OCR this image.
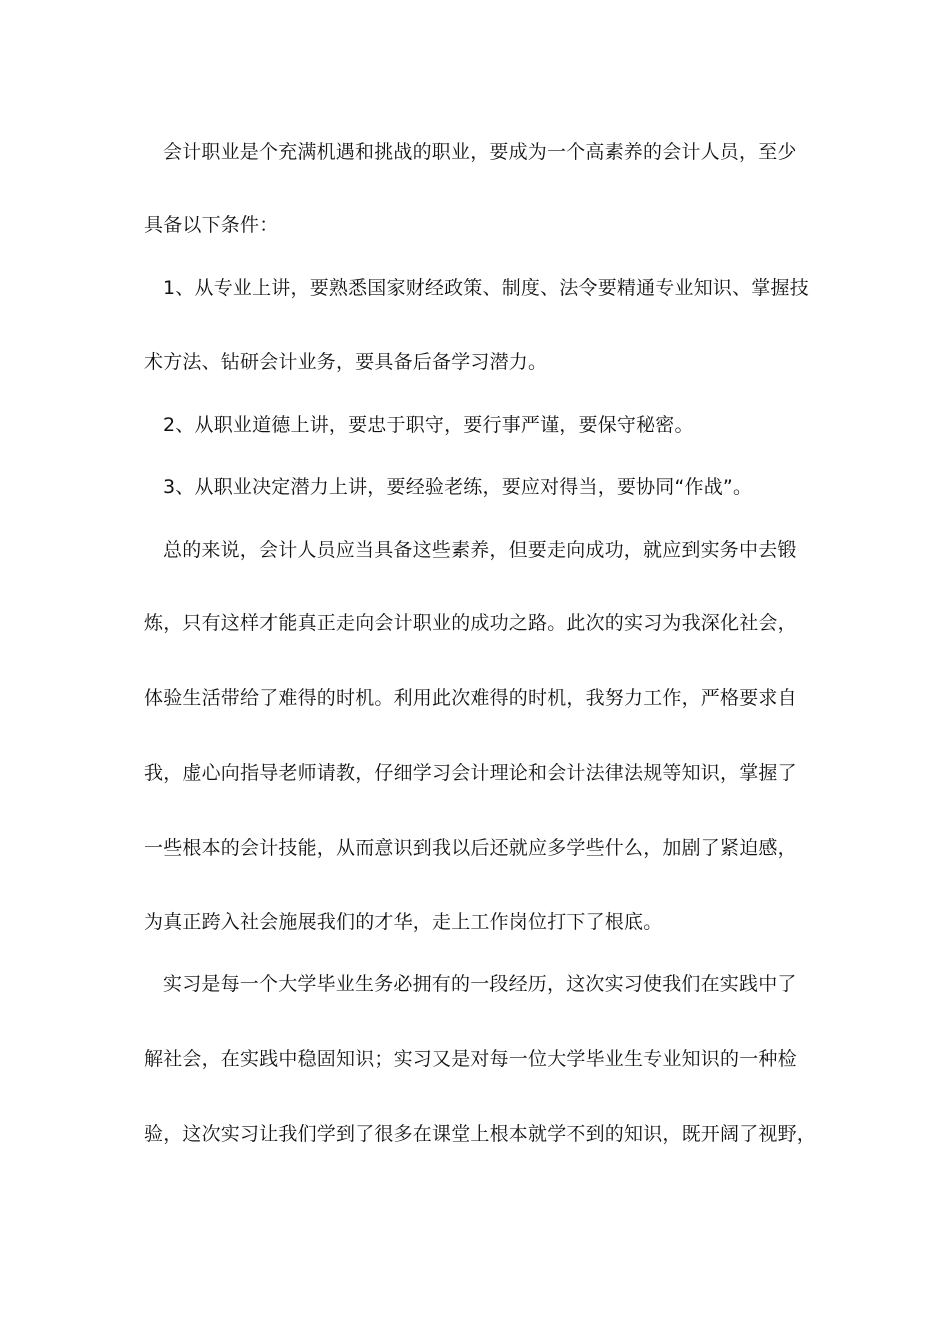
会计职业是个充满机遇和挑战的职业，要成为一个高素养的会计人员，至少
具备以下条件：
1、从专业上讲，要熟悉国家财经政策、制度、法令要精通专业知识、掌握技
术方法、钻研会计业务，要具备后备学习潜力。
2、从职业道德上讲，要忠于职守，要行事严谨，要保守秘密。
3、从职业决定潜力上讲，要经验老练，要应对得当，要协同“作战”。
总的来说，会计人员应当具备这些素养，但要走向成功，就应到实务中去锻
炼，只有这样才能真正走向会计职业的成功之路。此次的实习为我深化社会，
体验生活带给了难得的时机。利用此次难得的时机，我努力工作，严格要求自
我，虚心向指导老师请教，仔细学习会计理论和会计法律法规等知识，掌握了
一些根本的会计技能，从而意识到我以后还就应多学些什么，加剧了紧迫感，
为真正跨入社会施展我们的才华，走上工作岗位打下了根底。
实习是每一个大学毕业生务必拥有的一段经历，这次实习使我们在实践中了
解社会，在实践中稳固知识；实习又是对每一位大学毕业生专业知识的一种检
验，这次实习让我们学到了很多在课堂上根本就学不到的知识，既开阔了视野，
